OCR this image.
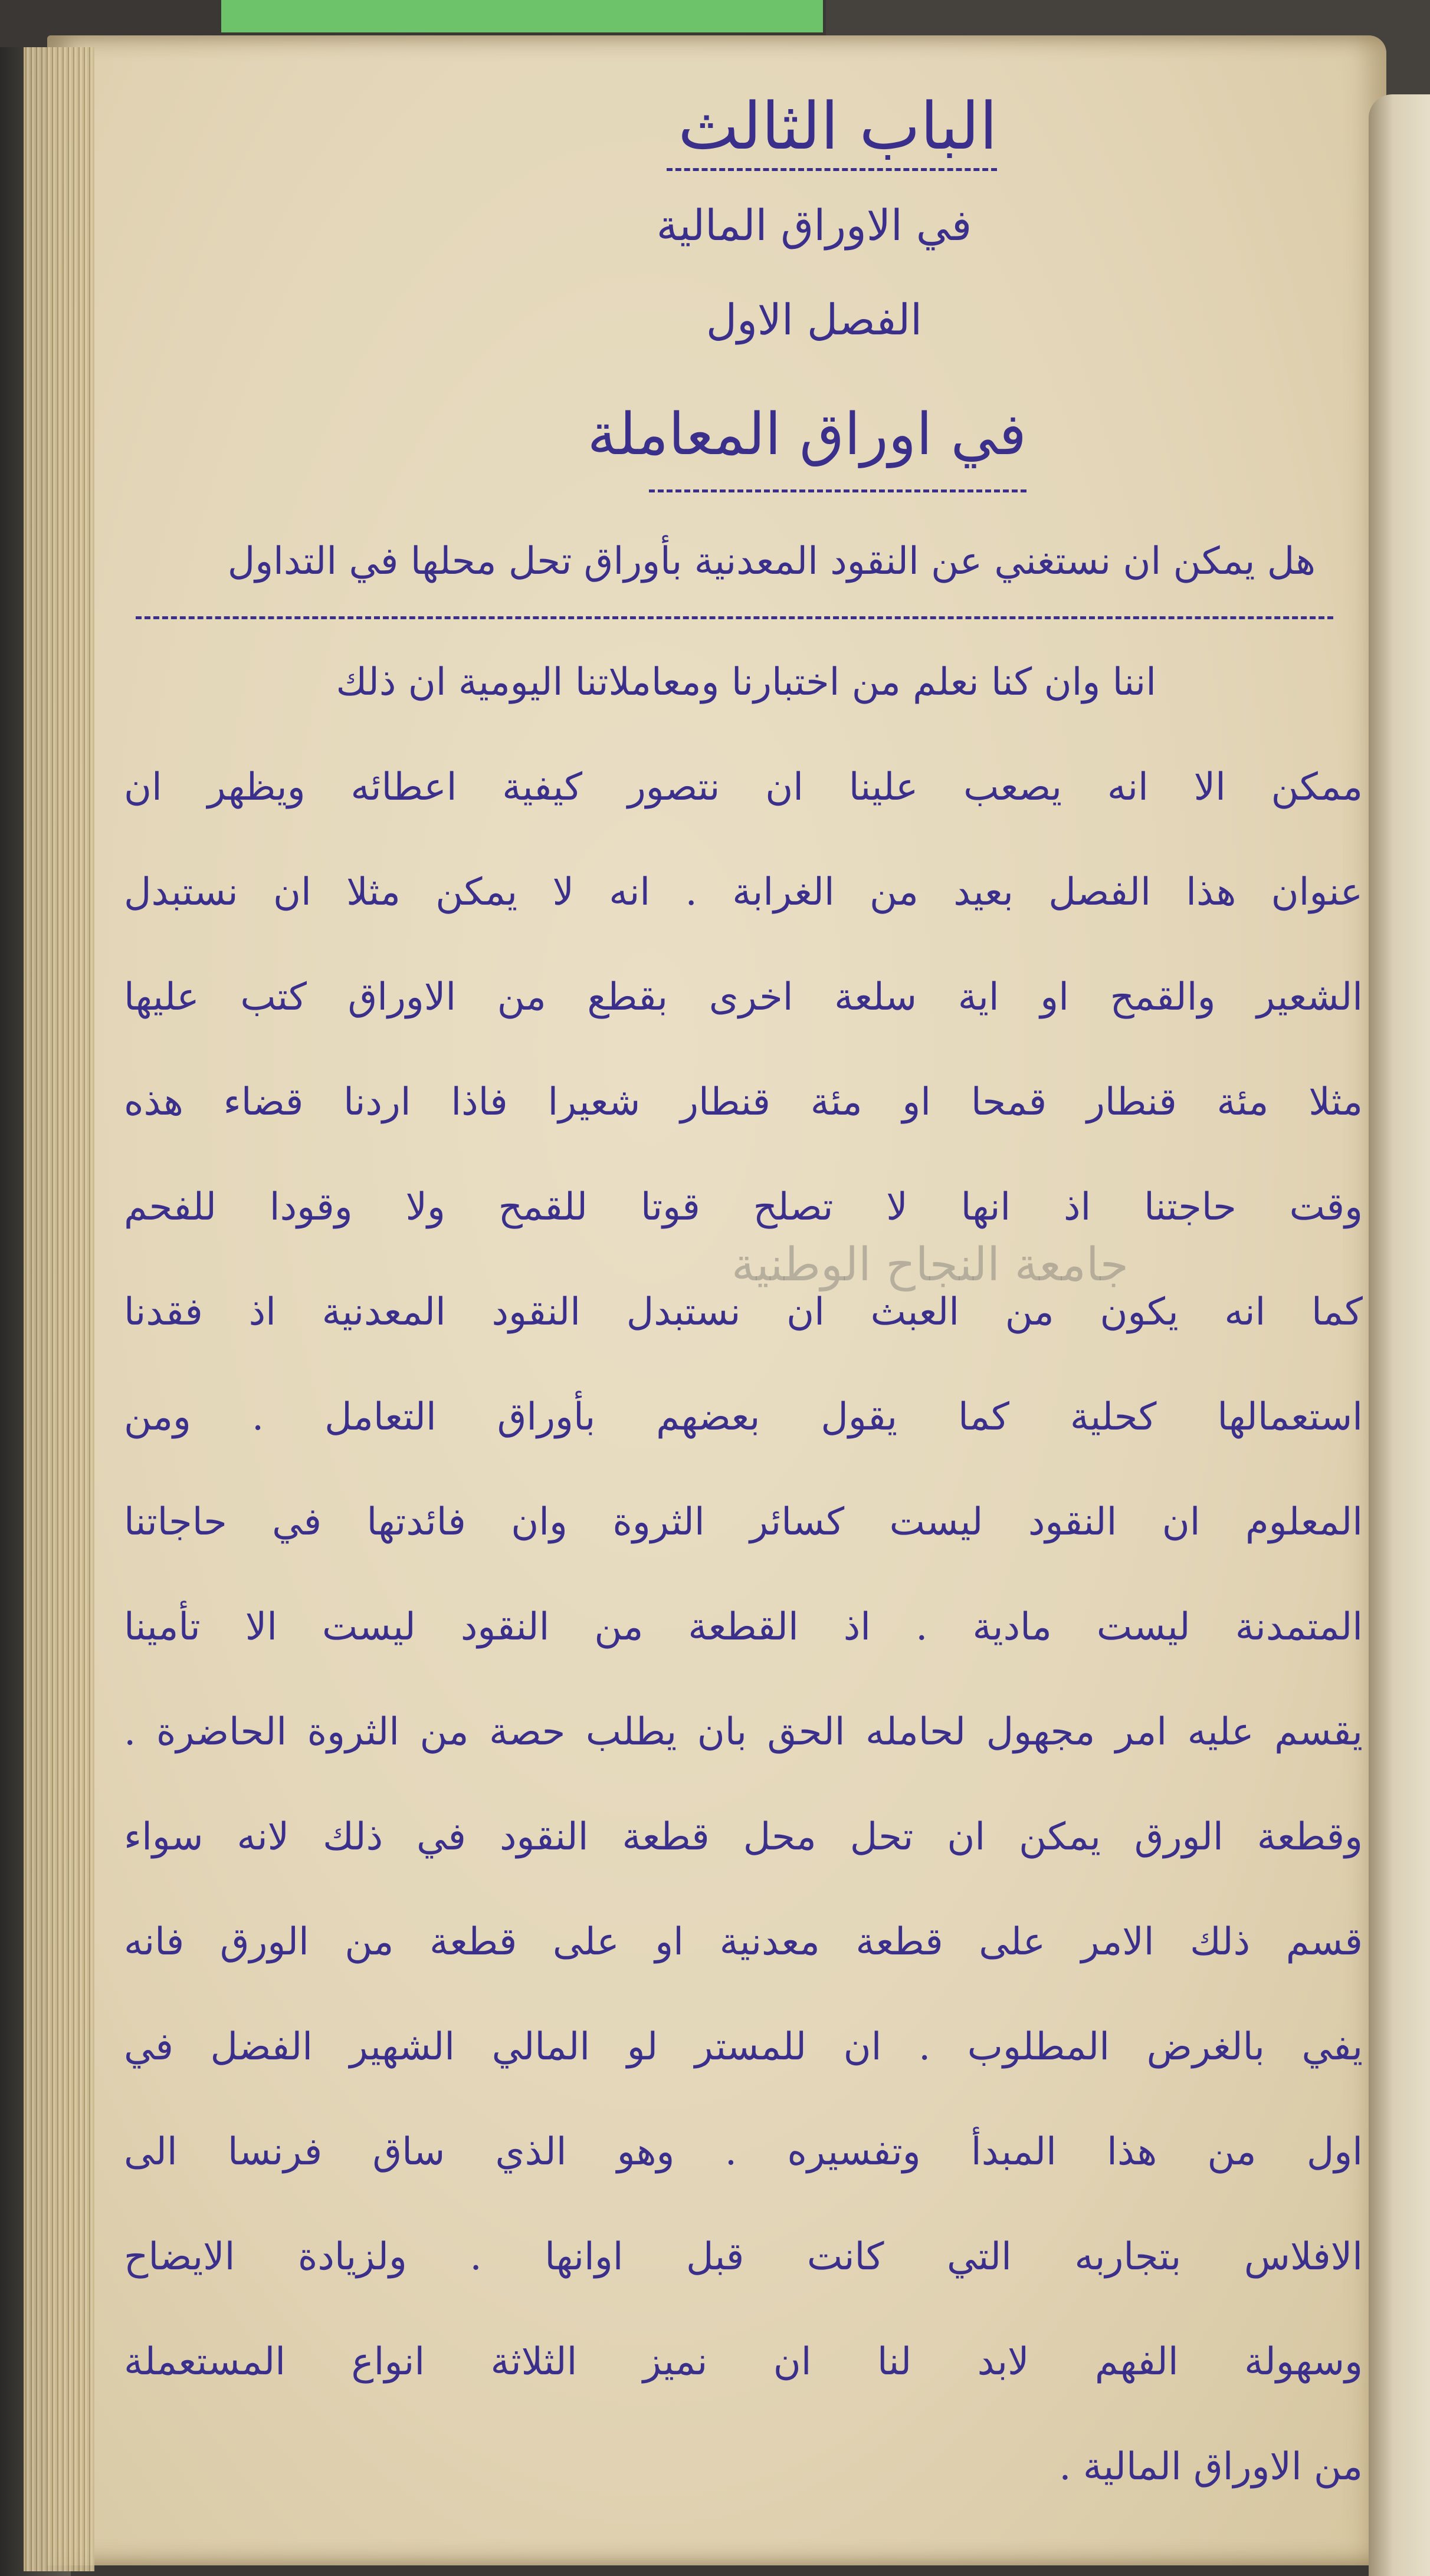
الباب الثالث
في الاوراق المالية
الفصل الاول
في اوراق المعاملة
هل يمكن ان نستغني عن النقود المعدنية بأوراق تحل محلها في التداول
اننا وان كنا نعلم من اختبارنا ومعاملاتنا اليومية ان ذلك
ممكن الا انه يصعب علينا ان نتصور كيفية اعطائه ويظهر ان
عنوان هذا الفصل بعيد من الغرابة . انه لا يمكن مثلا ان نستبدل
الشعير والقمح او اية سلعة اخرى بقطع من الاوراق كتب عليها
مثلا مئة قنطار قمحا او مئة قنطار شعيرا فاذا اردنا قضاء هذه
وقت حاجتنا اذ انها لا تصلح قوتا للقمح ولا وقودا للفحم
كما انه يكون من العبث ان نستبدل النقود المعدنية اذ فقدنا
استعمالها كحلية كما يقول بعضهم بأوراق التعامل . ومن
المعلوم ان النقود ليست كسائر الثروة وان فائدتها في حاجاتنا
المتمدنة ليست مادية . اذ القطعة من النقود ليست الا تأمينا
يقسم عليه امر مجهول لحامله الحق بان يطلب حصة من الثروة الحاضرة .
وقطعة الورق يمكن ان تحل محل قطعة النقود في ذلك لانه سواء
قسم ذلك الامر على قطعة معدنية او على قطعة من الورق فانه
يفي بالغرض المطلوب . ان للمستر لو المالي الشهير الفضل في
اول من هذا المبدأ وتفسيره . وهو الذي ساق فرنسا الى
الافلاس بتجاربه التي كانت قبل اوانها . ولزيادة الايضاح
وسهولة الفهم لابد لنا ان نميز الثلاثة انواع المستعملة
من الاوراق المالية .
جامعة النجاح الوطنية
